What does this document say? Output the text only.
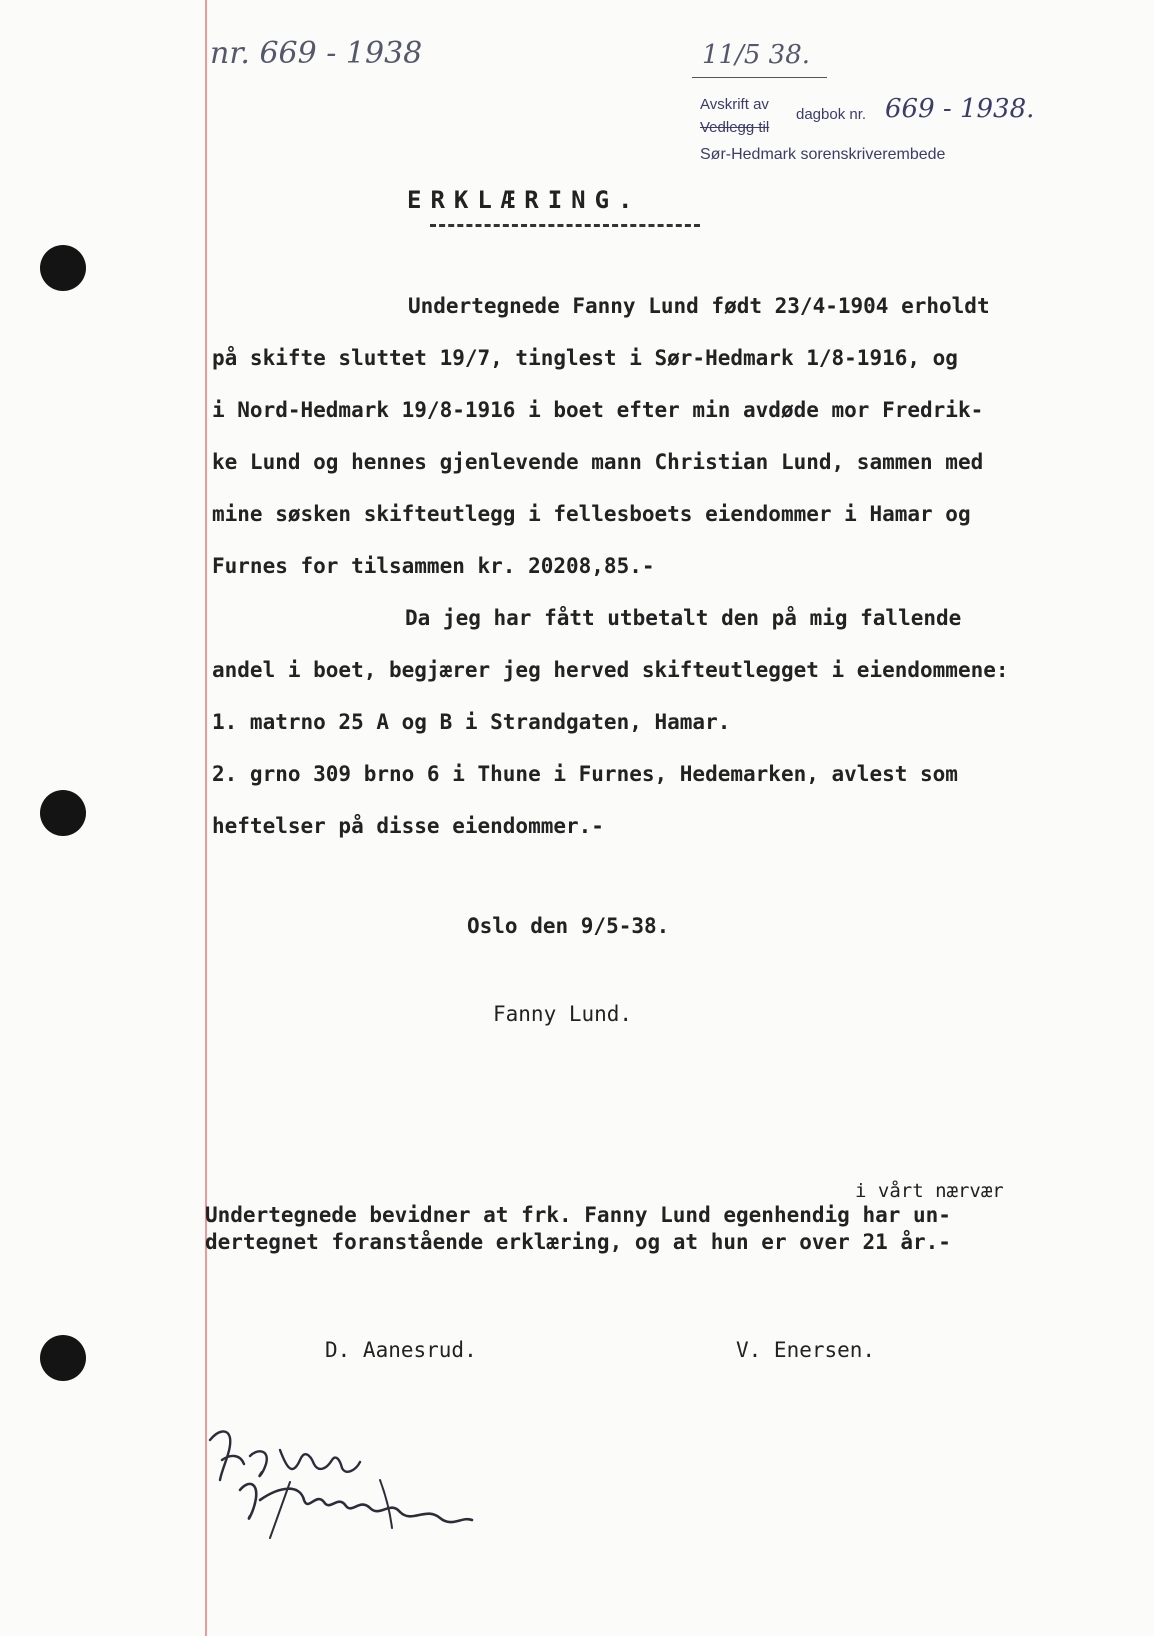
nr. 669 - 1938	11/5 38.
Avskrift av
dagbok nr. 669 - 1938.
Vedlegg til
Sør-Hedmark sorenskriverembede
ERKLÆRING.
Undertegnede Fanny Lund født 23/4-1904 erholdt
på skifte sluttet 19/7, tinglest i Sør-Hedmark 1/8-1916, og
i Nord-Hedmark 19/8-1916 i boet efter min avdøde mor Fredrik-
ke Lund og hennes gjenlevende mann Christian Lund, sammen med
mine søsken skifteutlegg i fellesboets eiendommer i Hamar og
Furnes for tilsammen kr. 20208,85.-
Da jeg har fått utbetalt den på mig fallende
andel i boet, begjærer jeg herved skifteutlegget i eiendommene:
1. matrno 25 A og B i Strandgaten, Hamar.
2. grno 309 brno 6 i Thune i Furnes, Hedemarken, avlest som
heftelser på disse eiendommer.-
Oslo den 9/5-38.
Fanny Lund.
i vårt nærvær
Undertegnede bevidner at frk. Fanny Lund egenhendig har un-
dertegnet foranstående erklæring, og at hun er over 21 år.-
D. Aanesrud.	V. Enersen.
